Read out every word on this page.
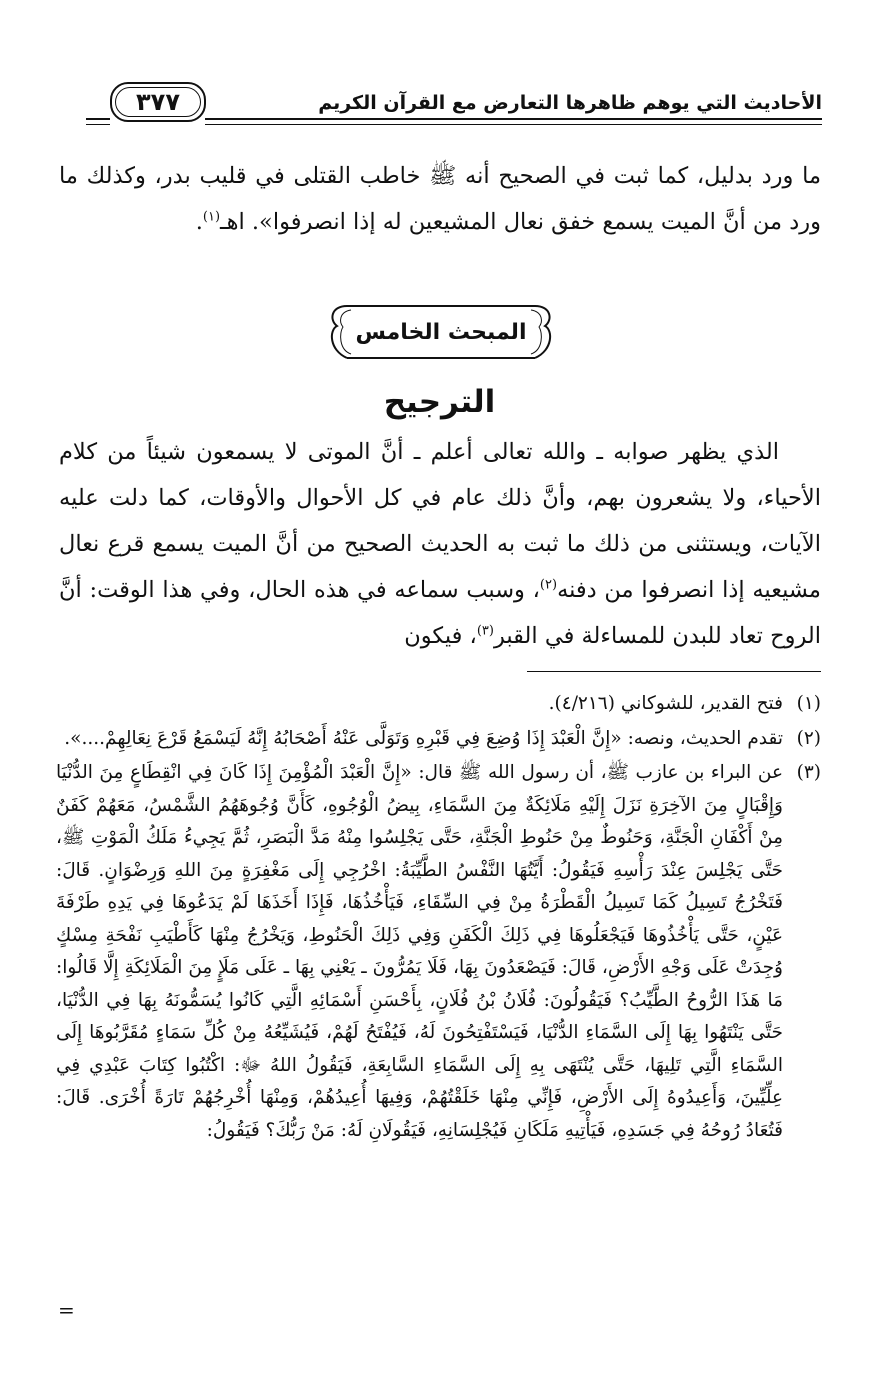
الأحاديث التي يوهم ظاهرها التعارض مع القرآن الكريم
٣٧٧

ما ورد بدليل، كما ثبت في الصحيح أنه ﷺ خاطب القتلى في قليب بدر، وكذلك ما ورد من أنَّ الميت يسمع خفق نعال المشيعين له إذا انصرفوا». اهـ$^{(١)}$.

المبحث الخامس
الترجيح

الذي يظهر صوابه ـ والله تعالى أعلم ـ أنَّ الموتى لا يسمعون شيئاً من كلام الأحياء، ولا يشعرون بهم، وأنَّ ذلك عام في كل الأحوال والأوقات، كما دلت عليه الآيات، ويستثنى من ذلك ما ثبت به الحديث الصحيح من أنَّ الميت يسمع قرع نعال مشيعيه إذا انصرفوا من دفنه$^{(٢)}$، وسبب سماعه في هذه الحال، وفي هذا الوقت: أنَّ الروح تعاد للبدن للمساءلة في القبر$^{(٣)}$، فيكون

(١)
فتح القدير، للشوكاني (٤/٢١٦).
(٢)
تقدم الحديث، ونصه: «إِنَّ الْعَبْدَ إِذَا وُضِعَ فِي قَبْرِهِ وَتَوَلَّى عَنْهُ أَصْحَابُهُ إِنَّهُ لَيَسْمَعُ قَرْعَ نِعَالِهِمْ....».
(٣)
عن البراء بن عازب ﷺ، أن رسول الله ﷺ قال: «إِنَّ الْعَبْدَ الْمُؤْمِنَ إِذَا كَانَ فِي انْقِطَاعٍ مِنَ الدُّنْيَا وَإِقْبَالٍ مِنَ الآخِرَةِ نَزَلَ إِلَيْهِ مَلَائِكَةٌ مِنَ السَّمَاءِ، بِيضُ الْوُجُوهِ، كَأَنَّ وُجُوهَهُمُ الشَّمْسُ، مَعَهُمْ كَفَنٌ مِنْ أَكْفَانِ الْجَنَّةِ، وَحَنُوطٌ مِنْ حَنُوطِ الْجَنَّةِ، حَتَّى يَجْلِسُوا مِنْهُ مَدَّ الْبَصَرِ، ثُمَّ يَجِيءُ مَلَكُ الْمَوْتِ ﷺ، حَتَّى يَجْلِسَ عِنْدَ رَأْسِهِ فَيَقُولُ: أَيَّتُهَا النَّفْسُ الطَّيِّبَةُ: اخْرُجِي إِلَى مَغْفِرَةٍ مِنَ اللهِ وَرِضْوَانٍ. قَالَ: فَتَخْرُجُ تَسِيلُ كَمَا تَسِيلُ الْقَطْرَةُ مِنْ فِي السِّقَاءِ، فَيَأْخُذُهَا، فَإِذَا أَخَذَهَا لَمْ يَدَعُوهَا فِي يَدِهِ طَرْفَةَ عَيْنٍ، حَتَّى يَأْخُذُوهَا فَيَجْعَلُوهَا فِي ذَلِكَ الْكَفَنِ وَفِي ذَلِكَ الْحَنُوطِ، وَيَخْرُجُ مِنْهَا كَأَطْيَبِ نَفْحَةِ مِسْكٍ وُجِدَتْ عَلَى وَجْهِ الأَرْضِ، قَالَ: فَيَصْعَدُونَ بِهَا، فَلَا يَمُرُّونَ ـ يَعْنِي بِهَا ـ عَلَى مَلَإٍ مِنَ الْمَلَائِكَةِ إِلَّا قَالُوا: مَا هَذَا الرُّوحُ الطَّيِّبُ؟ فَيَقُولُونَ: فُلَانُ بْنُ فُلَانٍ، بِأَحْسَنِ أَسْمَائِهِ الَّتِي كَانُوا يُسَمُّونَهُ بِهَا فِي الدُّنْيَا، حَتَّى يَنْتَهُوا بِهَا إِلَى السَّمَاءِ الدُّنْيَا، فَيَسْتَفْتِحُونَ لَهُ، فَيُفْتَحُ لَهُمْ، فَيُشَيِّعُهُ مِنْ كُلِّ سَمَاءٍ مُقَرَّبُوهَا إِلَى السَّمَاءِ الَّتِي تَلِيهَا، حَتَّى يُنْتَهَى بِهِ إِلَى السَّمَاءِ السَّابِعَةِ، فَيَقُولُ اللهُ ﷻ: اكْتُبُوا كِتَابَ عَبْدِي فِي عِلِّيِّينَ، وَأَعِيدُوهُ إِلَى الأَرْضِ، فَإِنِّي مِنْهَا خَلَقْتُهُمْ، وَفِيهَا أُعِيدُهُمْ، وَمِنْهَا أُخْرِجُهُمْ تَارَةً أُخْرَى. قَالَ: فَتُعَادُ رُوحُهُ فِي جَسَدِهِ، فَيَأْتِيهِ مَلَكَانِ فَيُجْلِسَانِهِ، فَيَقُولَانِ لَهُ: مَنْ رَبُّكَ؟ فَيَقُولُ:
=
